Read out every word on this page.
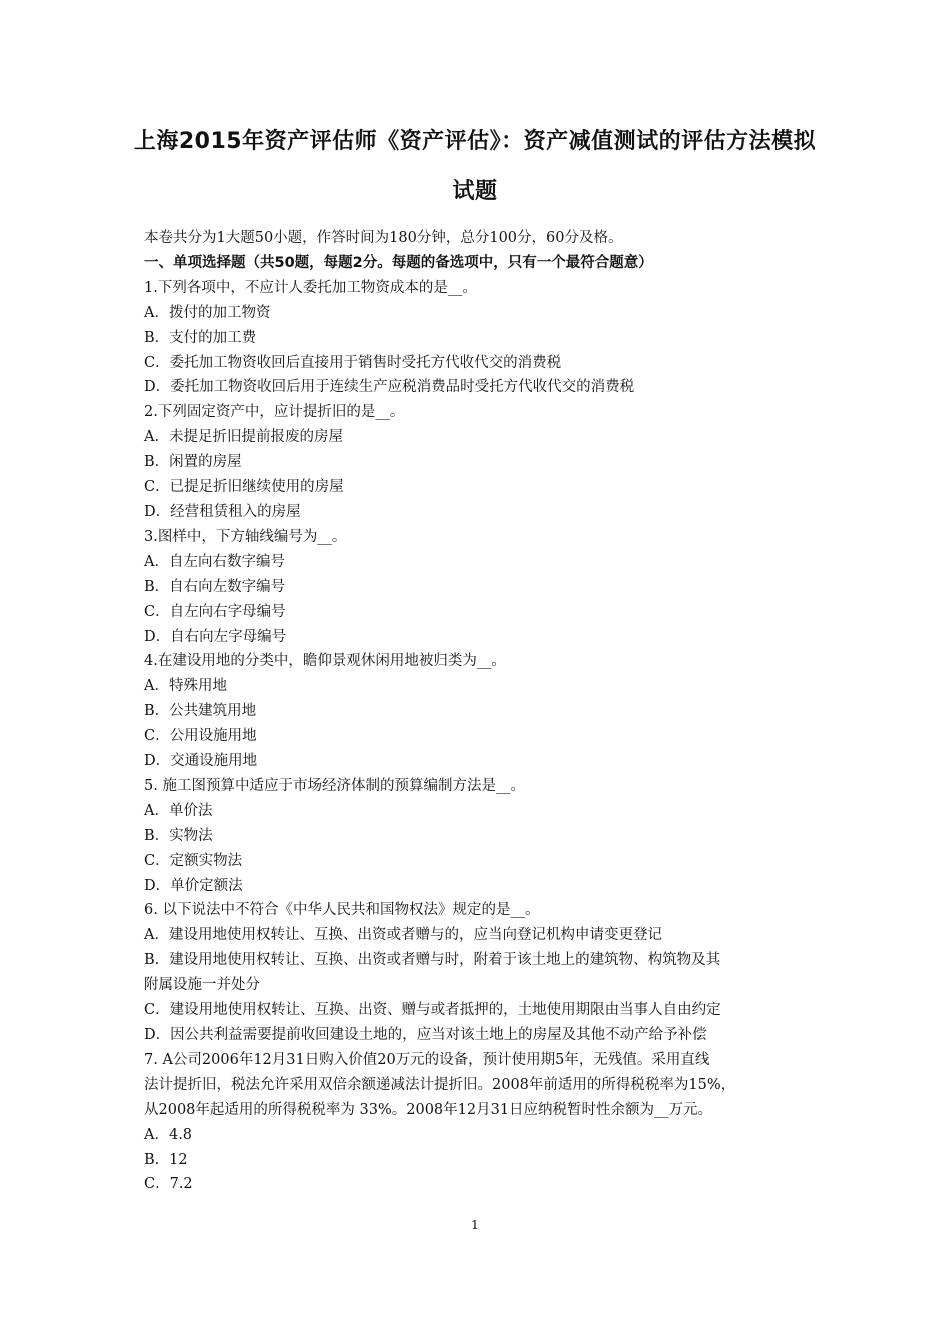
上海2015年资产评估师《资产评估》：资产减值测试的评估方法模拟
试题
本卷共分为1大题50小题，作答时间为180分钟，总分100分，60分及格。
一、单项选择题（共50题，每题2分。每题的备选项中，只有一个最符合题意）
1.下列各项中，不应计人委托加工物资成本的是__。
A．拨付的加工物资
B．支付的加工费
C．委托加工物资收回后直接用于销售时受托方代收代交的消费税
D．委托加工物资收回后用于连续生产应税消费品时受托方代收代交的消费税
2.下列固定资产中，应计提折旧的是__。
A．未提足折旧提前报废的房屋
B．闲置的房屋
C．已提足折旧继续使用的房屋
D．经营租赁租入的房屋
3.图样中，下方轴线编号为__。
A．自左向右数字编号
B．自右向左数字编号
C．自左向右字母编号
D．自右向左字母编号
4.在建设用地的分类中，瞻仰景观休闲用地被归类为__。
A．特殊用地
B．公共建筑用地
C．公用设施用地
D．交通设施用地
5. 施工图预算中适应于市场经济体制的预算编制方法是__。
A．单价法
B．实物法
C．定额实物法
D．单价定额法
6. 以下说法中不符合《中华人民共和国物权法》规定的是__。
A．建设用地使用权转让、互换、出资或者赠与的，应当向登记机构申请变更登记
B．建设用地使用权转让、互换、出资或者赠与时，附着于该土地上的建筑物、构筑物及其
附属设施一并处分
C．建设用地使用权转让、互换、出资、赠与或者抵押的，土地使用期限由当事人自由约定
D．因公共利益需要提前收回建设土地的，应当对该土地上的房屋及其他不动产给予补偿
7. A公司2006年12月31日购入价值20万元的设备，预计使用期5年，无残值。采用直线
法计提折旧，税法允许采用双倍余额递减法计提折旧。2008年前适用的所得税税率为15%，
从2008年起适用的所得税税率为 33%。2008年12月31日应纳税暂时性余额为__万元。
A．4.8
B．12
C．7.2
1
